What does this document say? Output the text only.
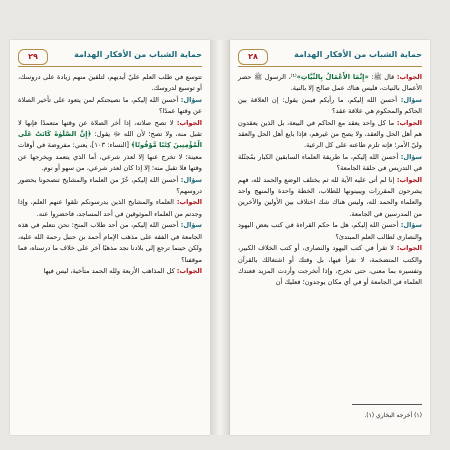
حماية الشباب من الأفكار الهدامة
٢٩

تتوسع في طلب العلم عليّ أيديهم، لتلقين منهم زيادة على دروسك، أو توسيع لدروسك.

سؤال: أحسن الله إليكم، ما نصيحتكم لمن يتعود على تأخير الصلاة عن وقتها عمدًا؟

الجواب: لا تصح صلاته، إذا أخر الصلاة عن وقتها متعمدًا فإنها لا تقبل منه، ولا تصح؛ لأن الله ﷻ يقول: ﴿إِنَّ الصَّلَوٰةَ كَانَتْ عَلَى الْمُؤْمِنِينَ كِتَٰبًا مَّوْقُوتًا﴾ [النساء: ١٠٣]، يعني: مفروضة في أوقات معينة؛ لا تخرج عنها إلا لعذر شرعي، أما الذي يتعمد ويخرجها عن وقتها فلا تقبل منه؛ إلا إذا كان لعذر شرعي، من سهو أو نوم.

سؤال: أحسن الله إليكم، حُرّ من العلماء والمشايخ تنصحونا بحضور دروسهم؟

الجواب: العلماء والمشايخ الذين يدرسونكم تلقوا عنهم العلم، وإذا وجدتم من العلماء الموثوقين في أحد المساجد، فاحضروا عنه.

سؤال: أحسن الله إليكم، من أحد طلاب المنح: نحن نتعلم في هذه الجامعة في الفقه على مذهب الإمام أحمد بن حنبل رحمة الله عليه، ولكن حينما ترجع إلى بلادنا نجد مذهبًا آخر على خلاف ما درسناه، فما موقفنا؟

الجواب: كل المذاهب الأربعة ولله الحمد متآخية، ليس فيها

حماية الشباب من الأفكار الهدامة
٢٨

الجواب: قال ﷺ: «إِنَّمَا الأَعْمَالُ بِالنِّيَّاتِ»⁽¹⁾، الرسول ﷺ حصر الأعمال بالنيات، فليس هناك عمل صالح إلا بالنية.

سؤال: أحسن الله إليكم، ما رأيكم فيمن يقول: إن العلاقة بين الحاكم والمحكوم هي علاقة عقد؟

الجواب: ما كل واحد يعقد مع الحاكم في البيعة، بل الذين يعقدون هم أهل الحل والعقد، ولا يصح من غيرهم، فإذا بايع أهل الحل والعقد وليّ الأمر؛ فإنه تلزم طاعته على كل الرعية.

سؤال: أحسن الله إليكم، ما طريقة العلماء السابقين الكبار بمُجنّلة في التدريس في حلقة الجامعة؟

الجواب: إنا لم أتى عليه الآية لله ثم يختلف الوضع والحمد لله، فهم يشرحون المقررات ويبينونها للطلاب، الخطة واحدة والمنهج واحد والعلماء والحمد لله، وليس هناك شك اختلاف بين الأولين والآخرين من المدرسين في الجامعة.

سؤال: أحسن الله إليكم، هل ما حكم القراءة في كتب بعض اليهود والنصارى لطالب العلم المبتدئ؟

الجواب: لا تقرأ في كتب اليهود والنصارى، أو كتب الخلاف الكبير، والكتب المتضخمة، لا تقرأ فيها، بل وقتك أو اشتغالك بالقرآن وتفسيره بما معنى، حتى تخرج، وإذا أتخرجت وأردت المزيد فعندك العلماء في الجامعة أو في أي مكان يوجدون؛ فعليك أن

(١) أخرجه البخاري (١).
